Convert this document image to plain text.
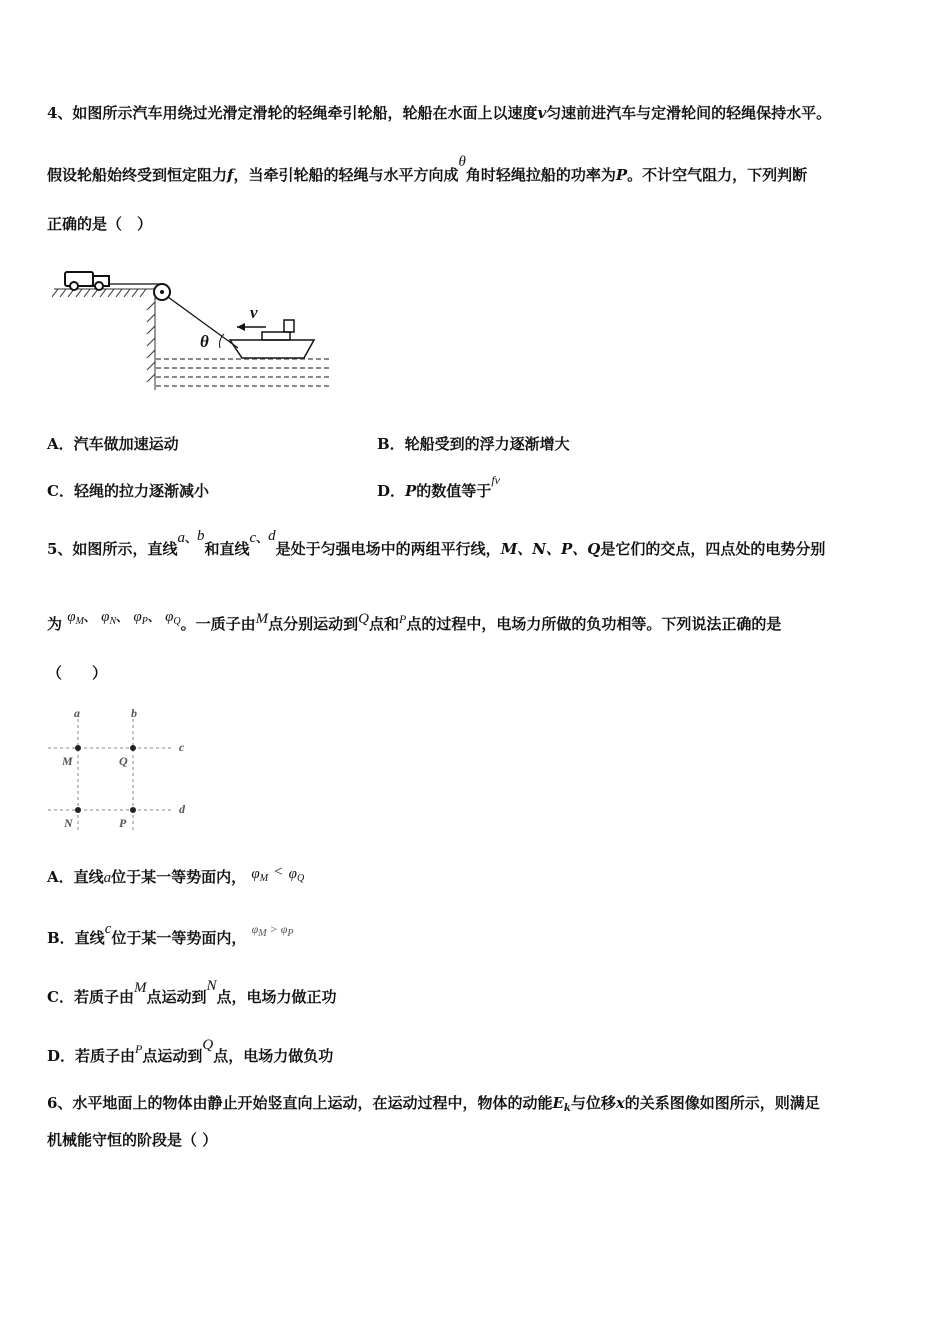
4、如图所示汽车用绕过光滑定滑轮的轻绳牵引轮船，轮船在水面上以速度v匀速前进汽车与定滑轮间的轻绳保持水平。
假设轮船始终受到恒定阻力f，当牵引轮船的轻绳与水平方向成θ角时轻绳拉船的功率为P。不计空气阻力，下列判断
正确的是（　）
θ
v
A．汽车做加速运动	B．轮船受到的浮力逐渐增大
C．轻绳的拉力逐渐减小	D．P的数值等于$^{fv}$
5、如图所示，直线a、b和直线c、d是处于匀强电场中的两组平行线，M、N、P、Q是它们的交点，四点处的电势分别
为 $\varphi_M^、$ $\varphi_N^、$ $\varphi_P^、$ $\varphi_Q$。一质子由M点分别运动到Q点和$^P$点的过程中，电场力所做的负功相等。下列说法正确的是
（　　）
a	b
c
d
M	Q
N	P
A．直线a位于某一等势面内， $\varphi_M < \varphi_Q$
B．直线c位于某一等势面内， $^{\varphi_M > \varphi_P}$
C．若质子由M点运动到N点，电场力做正功
D．若质子由$^P$点运动到Q点，电场力做负功
6、水平地面上的物体由静止开始竖直向上运动，在运动过程中，物体的动能$E_k$与位移x的关系图像如图所示，则满足
机械能守恒的阶段是（ ）
